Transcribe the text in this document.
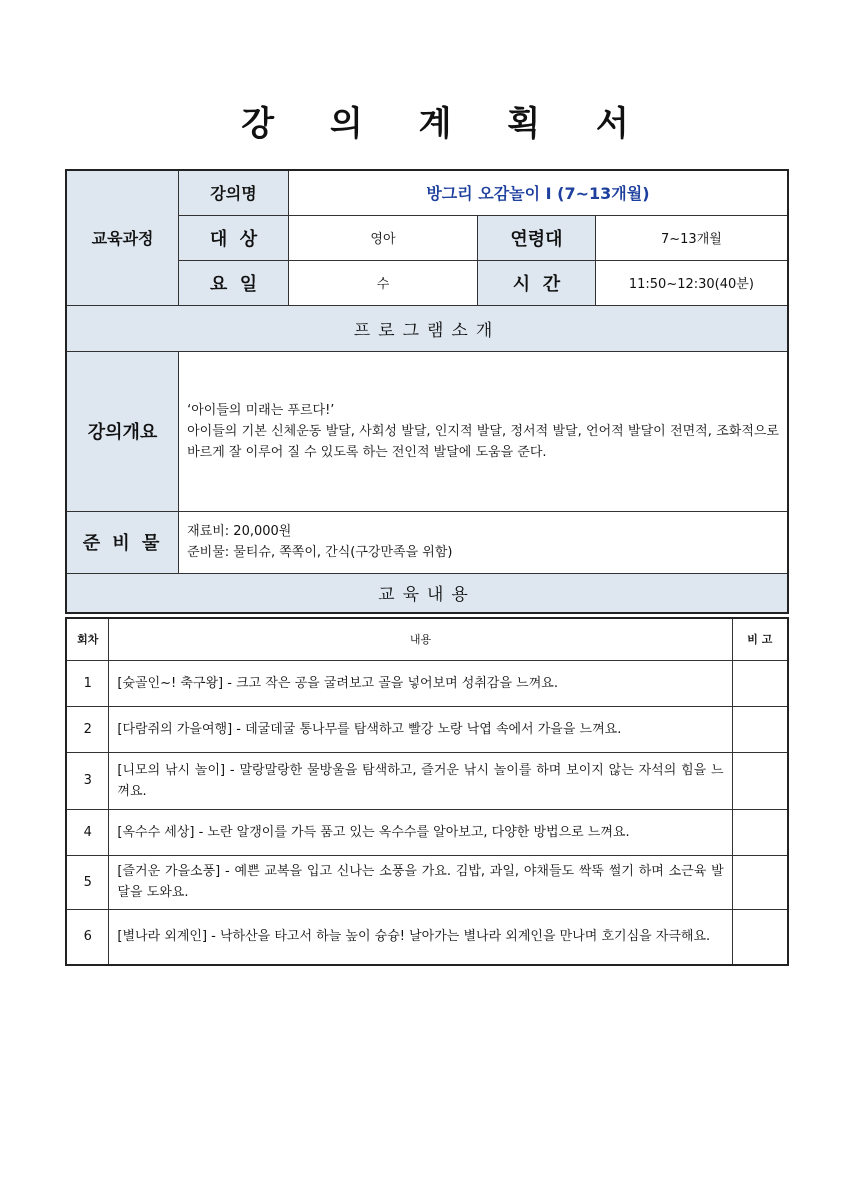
강 의 계 획 서
교육과정	강의명	방그리 오감놀이 I (7~13개월)		
	대  상	영아	연령대	7~13개월
	요  일	수	시  간	11:50~12:30(40분)
프로그램소개				
강의개요	‘아이들의 미래는 푸르다!’
아이들의 기본 신체운동 발달, 사회성 발달, 인지적 발달, 정서적 발달, 언어적 발달이 전면적, 조화적으로 바르게 잘 이루어 질 수 있도록 하는 전인적 발달에 도움을 준다.			

준 비 물	재료비: 20,000원
준비물: 물티슈, 쪽쪽이, 간식(구강만족을 위함)			

교육내용				
회차	내용	비 고
1	[슛골인~! 축구왕] - 크고 작은 공을 굴려보고 골을 넣어보며 성취감을 느껴요.	
2	[다람쥐의 가을여행] - 데굴데굴 통나무를 탐색하고 빨강 노랑 낙엽 속에서 가을을 느껴요.	
3	[니모의 낚시 놀이] - 말랑말랑한 물방울을 탐색하고, 즐거운 낚시 놀이를 하며 보이지 않는 자석의 힘을 느껴요.	
4	[옥수수 세상] - 노란 알갱이를 가득 품고 있는 옥수수를 알아보고, 다양한 방법으로 느껴요.	
5	[즐거운 가을소풍] - 예쁜 교복을 입고 신나는 소풍을 가요. 김밥, 과일, 야채들도 싹뚝 썰기 하며 소근육 발달을 도와요.	
6	[별나라 외계인] - 낙하산을 타고서 하늘 높이 슝슝! 날아가는 별나라 외계인을 만나며 호기심을 자극해요.	
